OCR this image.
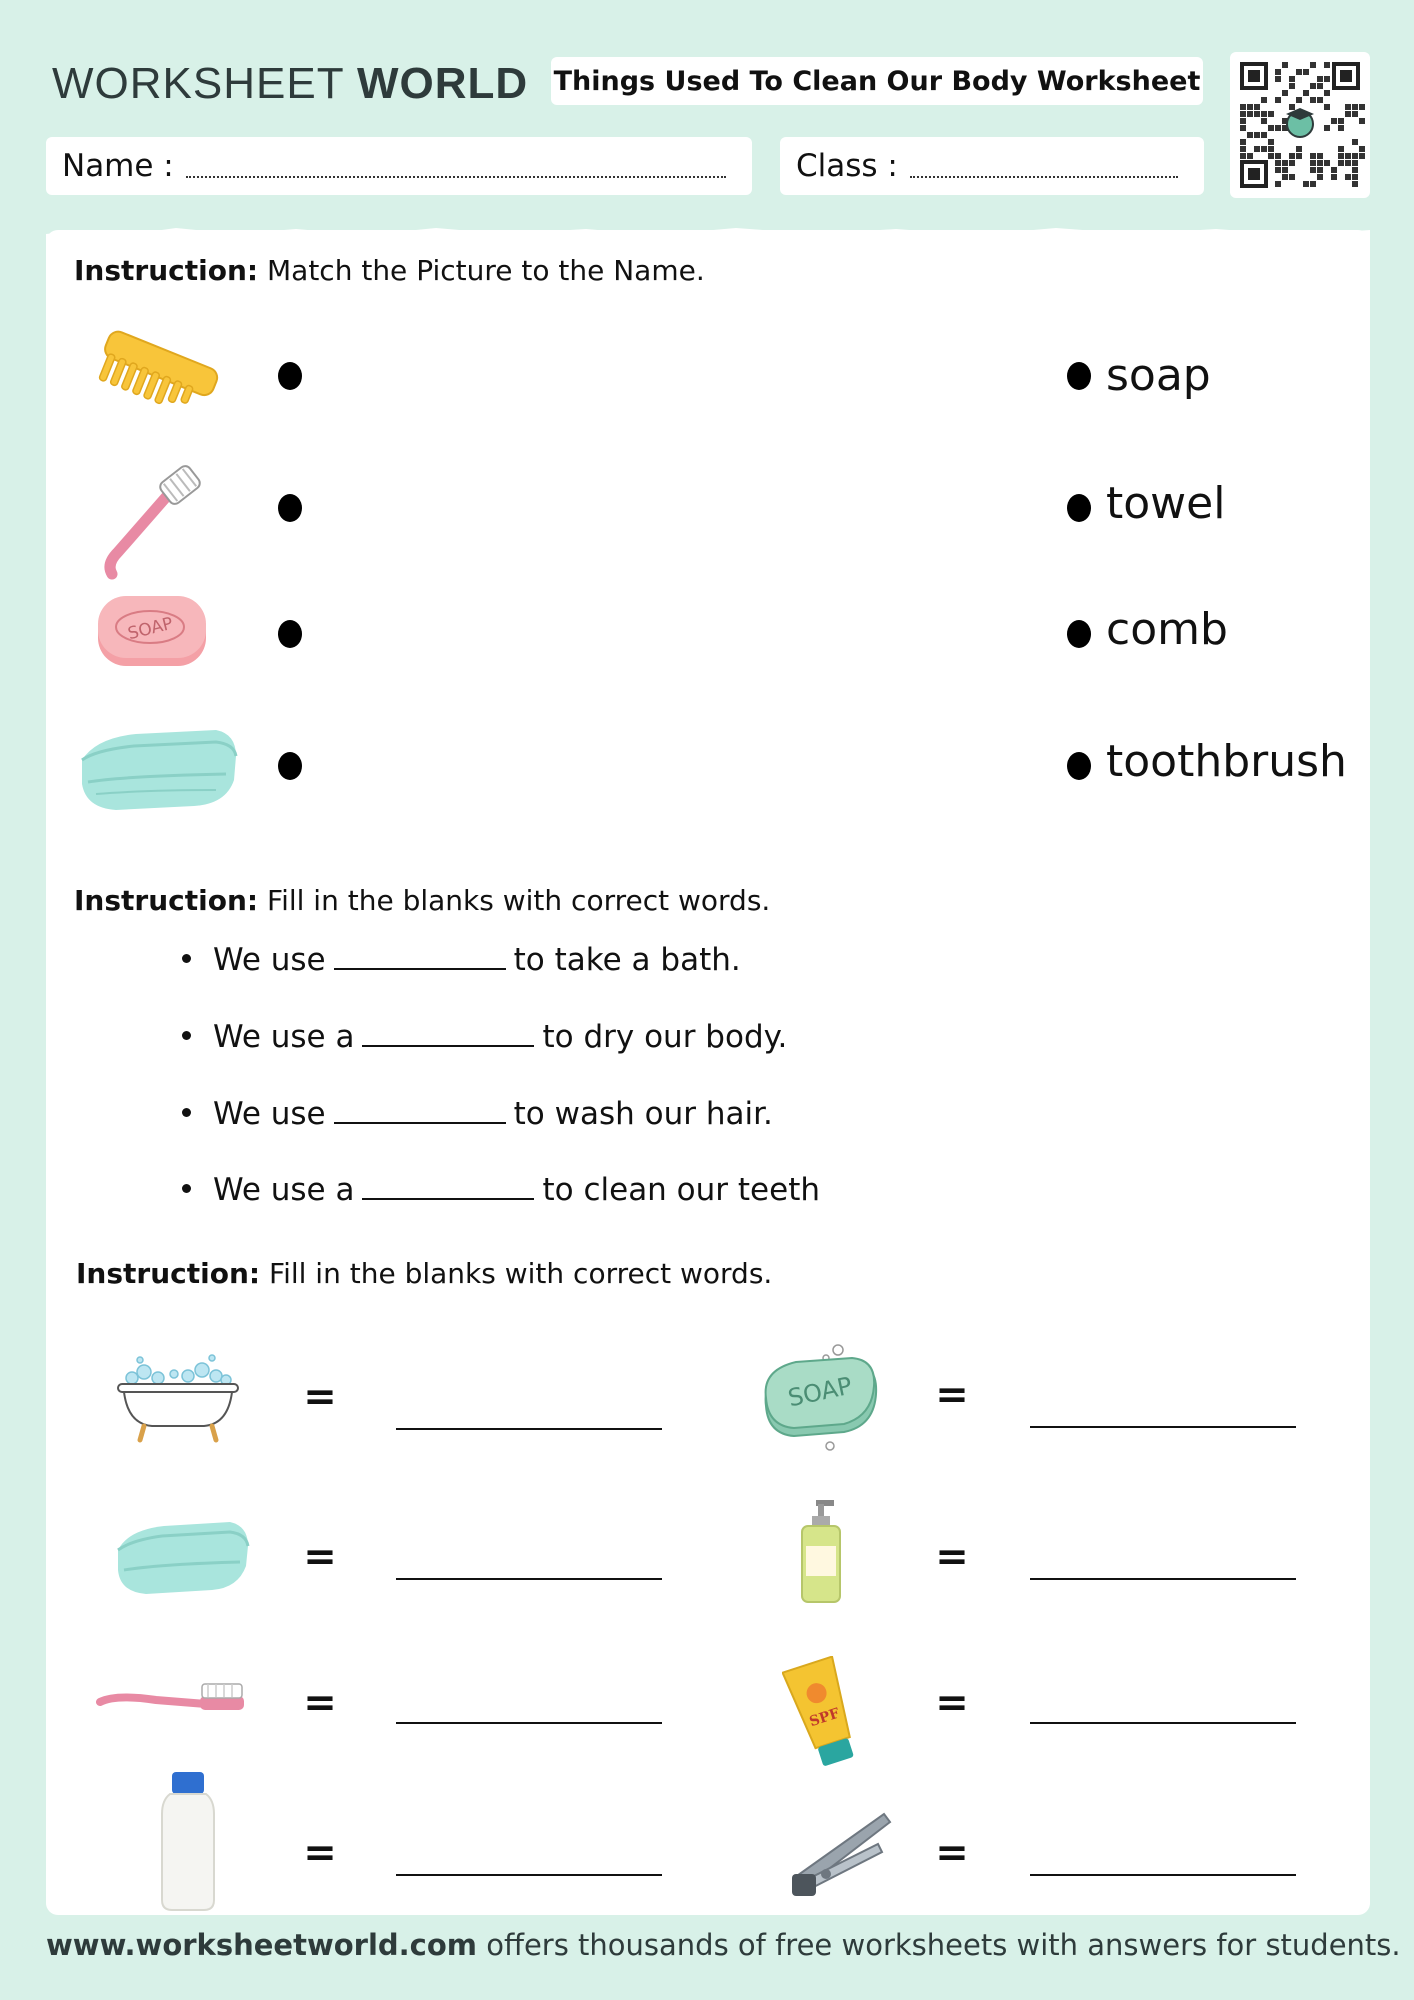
WORKSHEET WORLD Things Used To Clean Our Body Worksheet
Name :	Class :
Instruction: Match the Picture to the Name.
SOAP
soap
towel
comb
toothbrush
Instruction: Fill in the blanks with correct words.
We use	to take a bath.
We use a	to dry our body.
We use	to wash our hair.
We use a	to clean our teeth
Instruction: Fill in the blanks with correct words.
=	SOAP =
=	=
=	SPF =
=	=
www.worksheetworld.com offers thousands of free worksheets with answers for students.
